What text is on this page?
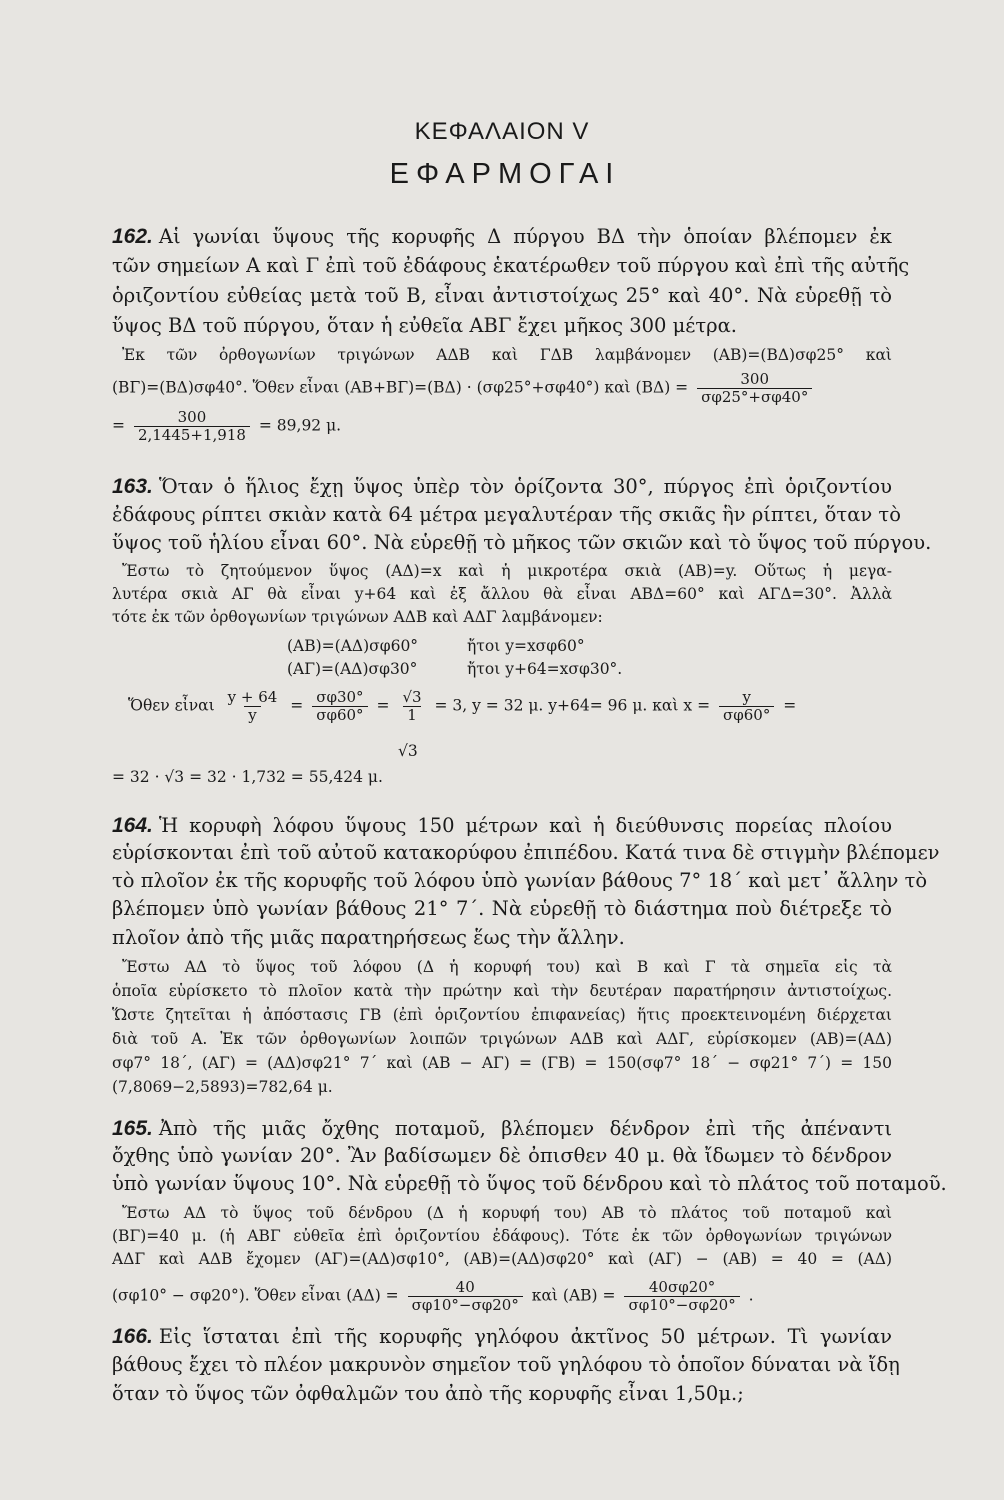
ΚΕΦΑΛΑΙΟΝ V
ΕΦΑΡΜΟΓΑΙ
162. Αἱ γωνίαι ὕψους τῆς κορυφῆς Δ πύργου ΒΔ τὴν ὁποίαν βλέπομεν ἐκ
τῶν σημείων Α καὶ Γ ἐπὶ τοῦ ἐδάφους ἑκατέρωθεν τοῦ πύργου καὶ ἐπὶ τῆς αὐτῆς
ὁριζοντίου εὐθείας μετὰ τοῦ Β, εἶναι ἀντιστοίχως 25° καὶ 40°. Νὰ εὑρεθῇ τὸ
ὕψος ΒΔ τοῦ πύργου, ὅταν ἡ εὐθεῖα ΑΒΓ ἔχει μῆκος 300 μέτρα.
Ἐκ τῶν ὀρθογωνίων τριγώνων ΑΔΒ καὶ ΓΔΒ λαμβάνομεν (ΑΒ)=(ΒΔ)σφ25° καὶ
(ΒΓ)=(ΒΔ)σφ40°. Ὅθεν εἶναι (ΑΒ+ΒΓ)=(ΒΔ) · (σφ25°+σφ40°) καὶ $(B\Delta) = \frac{300}{\sigma\varphi 25^\circ+\sigma\varphi 40^\circ}$
= $\frac{300}{2,1445+1,918} = 89,92$ μ.
163. Ὅταν ὁ ἥλιος ἔχῃ ὕψος ὑπὲρ τὸν ὁρίζοντα 30°, πύργος ἐπὶ ὁριζοντίου
ἐδάφους ρίπτει σκιὰν κατὰ 64 μέτρα μεγαλυτέραν τῆς σκιᾶς ἣν ρίπτει, ὅταν τὸ
ὕψος τοῦ ἡλίου εἶναι 60°. Νὰ εὑρεθῇ τὸ μῆκος τῶν σκιῶν καὶ τὸ ὕψος τοῦ πύργου.
Ἔστω τὸ ζητούμενον ὕψος (ΑΔ)=x καὶ ἡ μικροτέρα σκιὰ (ΑΒ)=y. Οὕτως ἡ μεγα-
λυτέρα σκιὰ ΑΓ θὰ εἶναι y+64 καὶ ἐξ ἄλλου θὰ εἶναι ΑΒΔ=60° καὶ ΑΓΔ=30°. Ἀλλὰ
τότε ἐκ τῶν ὀρθογωνίων τριγώνων ΑΔΒ καὶ ΑΔΓ λαμβάνομεν:
(ΑΒ)=(ΑΔ)σφ60°	ἤτοι y=xσφ60°
(ΑΓ)=(ΑΔ)σφ30°	ἤτοι y+64=xσφ30°.
Ὅθεν εἶναι $\frac{y + 64}{y} = \frac{\sigma\varphi 30^\circ}{\sigma\varphi 60^\circ} = \frac{√3}{1} = 3$, y = 32 μ. y+64= 96 μ. καὶ $x = \frac{y}{\sigma\varphi 60^\circ}$ =
√3
= 32 · √3 = 32 · 1,732 = 55,424 μ.
164. Ἡ κορυφὴ λόφου ὕψους 150 μέτρων καὶ ἡ διεύθυνσις πορείας πλοίου
εὑρίσκονται ἐπὶ τοῦ αὐτοῦ κατακορύφου ἐπιπέδου. Κατά τινα δὲ στιγμὴν βλέπομεν
τὸ πλοῖον ἐκ τῆς κορυφῆς τοῦ λόφου ὑπὸ γωνίαν βάθους 7° 18΄ καὶ μετ᾽ ἄλλην τὸ
βλέπομεν ὑπὸ γωνίαν βάθους 21° 7΄. Νὰ εὑρεθῇ τὸ διάστημα ποὺ διέτρεξε τὸ
πλοῖον ἀπὸ τῆς μιᾶς παρατηρήσεως ἕως τὴν ἄλλην.
Ἔστω ΑΔ τὸ ὕψος τοῦ λόφου (Δ ἡ κορυφή του) καὶ Β καὶ Γ τὰ σημεῖα εἰς τὰ
ὁποῖα εὑρίσκετο τὸ πλοῖον κατὰ τὴν πρώτην καὶ τὴν δευτέραν παρατήρησιν ἀντιστοίχως.
Ὥστε ζητεῖται ἡ ἀπόστασις ΓΒ (ἐπὶ ὁριζοντίου ἐπιφανείας) ἥτις προεκτεινομένη διέρχεται
διὰ τοῦ Α. Ἐκ τῶν ὀρθογωνίων λοιπῶν τριγώνων ΑΔΒ καὶ ΑΔΓ, εὑρίσκομεν (ΑΒ)=(ΑΔ)
σφ7° 18΄, (ΑΓ) = (ΑΔ)σφ21° 7΄ καὶ (ΑΒ − ΑΓ) = (ΓΒ) = 150(σφ7° 18΄ − σφ21° 7΄) = 150
(7,8069−2,5893)=782,64 μ.
165. Ἀπὸ τῆς μιᾶς ὄχθης ποταμοῦ, βλέπομεν δένδρον ἐπὶ τῆς ἀπέναντι
ὄχθης ὑπὸ γωνίαν 20°. Ἂν βαδίσωμεν δὲ ὀπισθεν 40 μ. θὰ ἴδωμεν τὸ δένδρον
ὑπὸ γωνίαν ὕψους 10°. Νὰ εὑρεθῇ τὸ ὕψος τοῦ δένδρου καὶ τὸ πλάτος τοῦ ποταμοῦ.
Ἔστω ΑΔ τὸ ὕψος τοῦ δένδρου (Δ ἡ κορυφή του) ΑΒ τὸ πλάτος τοῦ ποταμοῦ καὶ
(ΒΓ)=40 μ. (ἡ ΑΒΓ εὐθεῖα ἐπὶ ὁριζοντίου ἐδάφους). Τότε ἐκ τῶν ὀρθογωνίων τριγώνων
ΑΔΓ καὶ ΑΔΒ ἔχομεν (ΑΓ)=(ΑΔ)σφ10°, (ΑΒ)=(ΑΔ)σφ20° καὶ (ΑΓ) − (ΑΒ) = 40 = (ΑΔ)
(σφ10° − σφ20°). Ὅθεν εἶναι $(A\Delta) = \frac{40}{\sigma\varphi 10^\circ-\sigma\varphi 20^\circ}$ καὶ $(AB) = \frac{40\sigma\varphi 20^\circ}{\sigma\varphi 10^\circ-\sigma\varphi 20^\circ}$ .
166. Εἰς ἵσταται ἐπὶ τῆς κορυφῆς γηλόφου ἀκτῖνος 50 μέτρων. Τὶ γωνίαν
βάθους ἔχει τὸ πλέον μακρυνὸν σημεῖον τοῦ γηλόφου τὸ ὁποῖον δύναται νὰ ἴδῃ
ὅταν τὸ ὕψος τῶν ὀφθαλμῶν του ἀπὸ τῆς κορυφῆς εἶναι 1,50μ.;
